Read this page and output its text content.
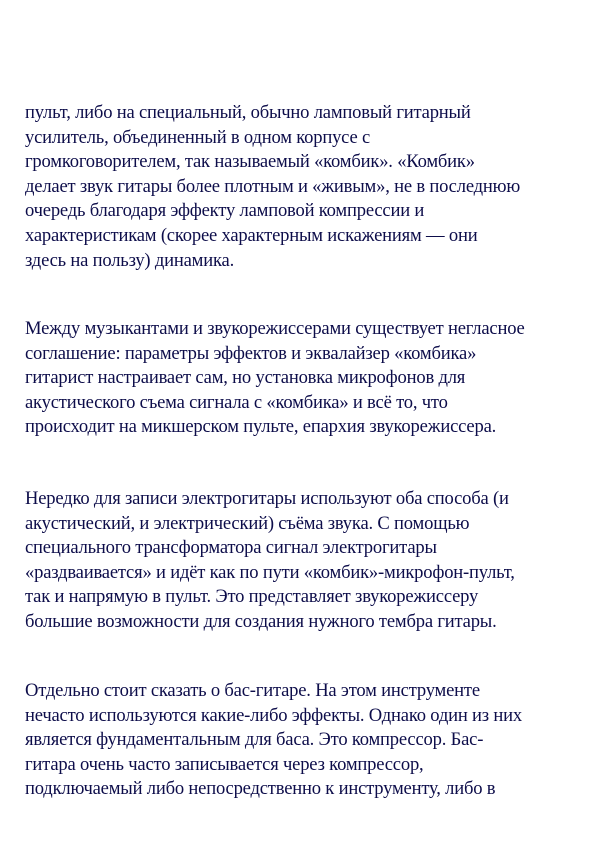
пульт, либо на специальный, обычно ламповый гитарный
усилитель, объединенный в одном корпусе с
громкоговорителем, так называемый «комбик». «Комбик»
делает звук гитары более плотным и «живым», не в последнюю
очередь благодаря эффекту ламповой компрессии и
характеристикам (скорее характерным искажениям — они
здесь на пользу) динамика.

Между музыкантами и звукорежиссерами существует негласное
соглашение: параметры эффектов и эквалайзер «комбика»
гитарист настраивает сам, но установка микрофонов для
акустического съема сигнала с «комбика» и всё то, что
происходит на микшерском пульте, епархия звукорежиссера.

Нередко для записи электрогитары используют оба способа (и
акустический, и электрический) съёма звука. С помощью
специального трансформатора сигнал электрогитары
«раздваивается» и идёт как по пути «комбик»-микрофон-пульт,
так и напрямую в пульт. Это представляет звукорежиссеру
большие возможности для создания нужного тембра гитары.

Отдельно стоит сказать о бас-гитаре. На этом инструменте
нечасто используются какие-либо эффекты. Однако один из них
является фундаментальным для баса. Это компрессор. Бас-
гитара очень часто записывается через компрессор,
подключаемый либо непосредственно к инструменту, либо в
